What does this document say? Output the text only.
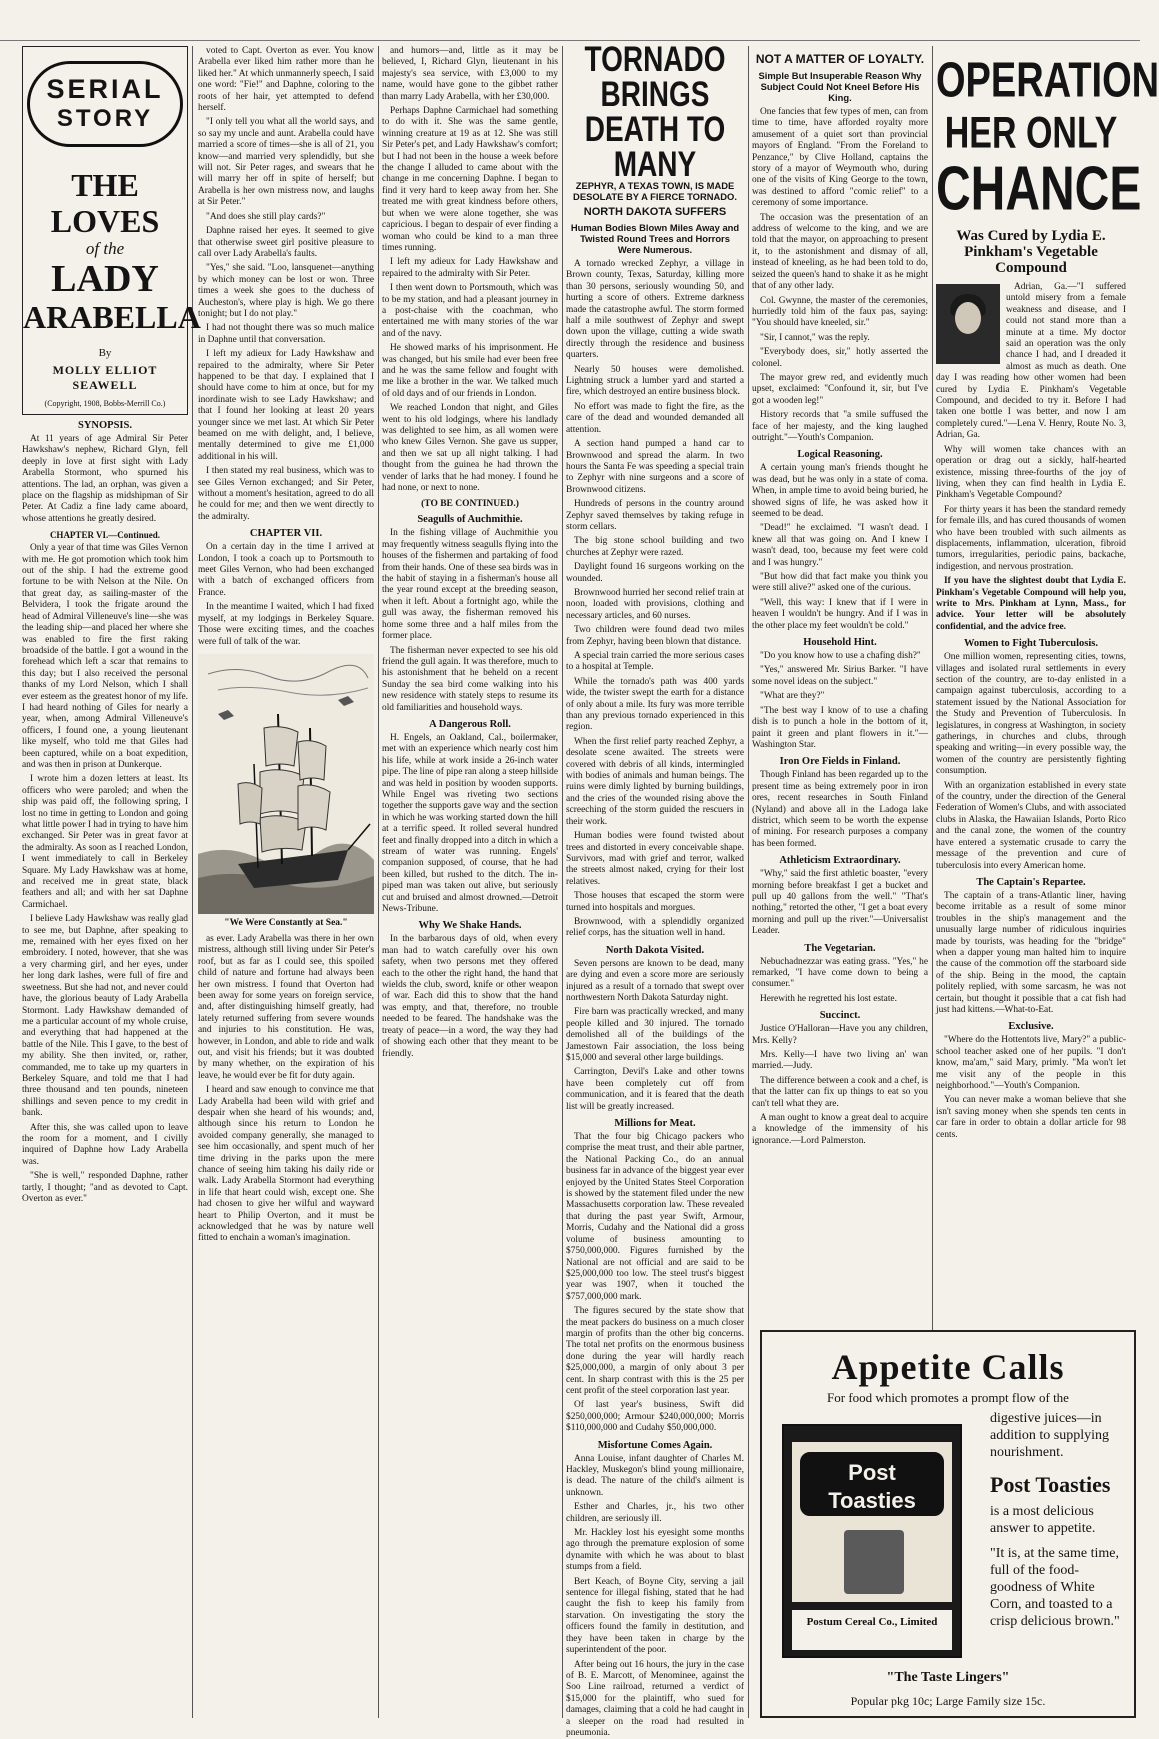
SERIAL
STORY
THE LOVES
of the
LADY
ARABELLA
By
MOLLY ELLIOT SEAWELL
(Copyright, 1908, Bobbs-Merrill Co.)
SYNOPSIS.

At 11 years of age Admiral Sir Peter Hawkshaw's nephew, Richard Glyn, fell deeply in love at first sight with Lady Arabella Stormont, who spurned his attentions. The lad, an orphan, was given a place on the flagship as midshipman of Sir Peter. At Cadiz a fine lady came aboard, whose attentions he greatly desired.

CHAPTER VI.—Continued.

Only a year of that time was Giles Vernon with me. He got promotion which took him out of the ship. I had the extreme good fortune to be with Nelson at the Nile. On that great day, as sailing-master of the Belvidera, I took the frigate around the head of Admiral Villeneuve's line—she was the leading ship—and placed her where she was enabled to fire the first raking broadside of the battle. I got a wound in the forehead which left a scar that remains to this day; but I also received the personal thanks of my Lord Nelson, which I shall ever esteem as the greatest honor of my life. I had heard nothing of Giles for nearly a year, when, among Admiral Villeneuve's officers, I found one, a young lieutenant like myself, who told me that Giles had been captured, while on a boat expedition, and was then in prison at Dunkerque.

I wrote him a dozen letters at least. Its officers who were paroled; and when the ship was paid off, the following spring, I lost no time in getting to London and going what little power I had in trying to have him exchanged. Sir Peter was in great favor at the admiralty. As soon as I reached London, I went immediately to call in Berkeley Square. My Lady Hawkshaw was at home, and received me in great state, black feathers and all; and with her sat Daphne Carmichael.

I believe Lady Hawkshaw was really glad to see me, but Daphne, after speaking to me, remained with her eyes fixed on her embroidery. I noted, however, that she was a very charming girl, and her eyes, under her long dark lashes, were full of fire and sweetness. But she had not, and never could have, the glorious beauty of Lady Arabella Stormont. Lady Hawkshaw demanded of me a particular account of my whole cruise, and everything that had happened at the battle of the Nile. This I gave, to the best of my ability. She then invited, or, rather, commanded, me to take up my quarters in Berkeley Square, and told me that I had three thousand and ten pounds, nineteen shillings and seven pence to my credit in bank.

After this, she was called upon to leave the room for a moment, and I civilly inquired of Daphne how Lady Arabella was.

"She is well," responded Daphne, rather tartly, I thought; "and as devoted to Capt. Overton as ever."

voted to Capt. Overton as ever. You know Arabella ever liked him rather more than he liked her." At which unmannerly speech, I said one word: "Fie!" and Daphne, coloring to the roots of her hair, yet attempted to defend herself.

"I only tell you what all the world says, and so say my uncle and aunt. Arabella could have married a score of times—she is all of 21, you know—and married very splendidly, but she will not. Sir Peter rages, and swears that he will marry her off in spite of herself; but Arabella is her own mistress now, and laughs at Sir Peter."

"And does she still play cards?"

Daphne raised her eyes. It seemed to give that otherwise sweet girl positive pleasure to call over Lady Arabella's faults.

"Yes," she said. "Loo, lansquenet—anything by which money can be lost or won. Three times a week she goes to the duchess of Aucheston's, where play is high. We go there tonight; but I do not play."

I had not thought there was so much malice in Daphne until that conversation.

I left my adieux for Lady Hawkshaw and repaired to the admiralty, where Sir Peter happened to be that day. I explained that I should have come to him at once, but for my inordinate wish to see Lady Hawkshaw; and that I found her looking at least 20 years younger since we met last. At which Sir Peter beamed on me with delight, and, I believe, mentally determined to give me £1,000 additional in his will.

I then stated my real business, which was to see Giles Vernon exchanged; and Sir Peter, without a moment's hesitation, agreed to do all he could for me; and then we went directly to the admiralty.

CHAPTER VII.

On a certain day in the time I arrived at London, I took a coach up to Portsmouth to meet Giles Vernon, who had been exchanged with a batch of exchanged officers from France.

In the meantime I waited, which I had fixed myself, at my lodgings in Berkeley Square. Those were exciting times, and the coaches were full of talk of the war.

"We Were Constantly at Sea."

as ever. Lady Arabella was there in her own mistress, although still living under Sir Peter's roof, but as far as I could see, this spoiled child of nature and fortune had always been her own mistress. I found that Overton had been away for some years on foreign service, and, after distinguishing himself greatly, had lately returned suffering from severe wounds and injuries to his constitution. He was, however, in London, and able to ride and walk out, and visit his friends; but it was doubted by many whether, on the expiration of his leave, he would ever be fit for duty again.

I heard and saw enough to convince me that Lady Arabella had been wild with grief and despair when she heard of his wounds; and, although since his return to London he avoided company generally, she managed to see him occasionally, and spent much of her time driving in the parks upon the mere chance of seeing him taking his daily ride or walk. Lady Arabella Stormont had everything in life that heart could wish, except one. She had chosen to give her wilful and wayward heart to Philip Overton, and it must be acknowledged that he was by nature well fitted to enchain a woman's imagination.

and humors—and, little as it may be believed, I, Richard Glyn, lieutenant in his majesty's sea service, with £3,000 to my name, would have gone to the gibbet rather than marry Lady Arabella, with her £30,000.

Perhaps Daphne Carmichael had something to do with it. She was the same gentle, winning creature at 19 as at 12. She was still Sir Peter's pet, and Lady Hawkshaw's comfort; but I had not been in the house a week before the change I alluded to came about with the change in me concerning Daphne. I began to find it very hard to keep away from her. She treated me with great kindness before others, but when we were alone together, she was capricious. I began to despair of ever finding a woman who could be kind to a man three times running.

I left my adieux for Lady Hawkshaw and repaired to the admiralty with Sir Peter.

I then went down to Portsmouth, which was to be my station, and had a pleasant journey in a post-chaise with the coachman, who entertained me with many stories of the war and of the navy.

He showed marks of his imprisonment. He was changed, but his smile had ever been free and he was the same fellow and fought with me like a brother in the war. We talked much of old days and of our friends in London.

We reached London that night, and Giles went to his old lodgings, where his landlady was delighted to see him, as all women were who knew Giles Vernon. She gave us supper, and then we sat up all night talking. I had thought from the guinea he had thrown the vender of larks that he had money. I found he had none, or next to none.

(TO BE CONTINUED.)
Seagulls of Auchmithie.

In the fishing village of Auchmithie you may frequently witness seagulls flying into the houses of the fishermen and partaking of food from their hands. One of these sea birds was in the habit of staying in a fisherman's house all the year round except at the breeding season, when it left. About a fortnight ago, while the gull was away, the fisherman removed his home some three and a half miles from the former place.

The fisherman never expected to see his old friend the gull again. It was therefore, much to his astonishment that he beheld on a recent Sunday the sea bird come walking into his new residence with stately steps to resume its old familiarities and household ways.

A Dangerous Roll.

H. Engels, an Oakland, Cal., boilermaker, met with an experience which nearly cost him his life, while at work inside a 26-inch water pipe. The line of pipe ran along a steep hillside and was held in position by wooden supports. While Engel was riveting two sections together the supports gave way and the section in which he was working started down the hill at a terrific speed. It rolled several hundred feet and finally dropped into a ditch in which a stream of water was running. Engels' companion supposed, of course, that he had been killed, but rushed to the ditch. The in-piped man was taken out alive, but seriously cut and bruised and almost drowned.—Detroit News-Tribune.

Why We Shake Hands.

In the barbarous days of old, when every man had to watch carefully over his own safety, when two persons met they offered each to the other the right hand, the hand that wields the club, sword, knife or other weapon of war. Each did this to show that the hand was empty, and that, therefore, no trouble needed to be feared. The handshake was the treaty of peace—in a word, the way they had of showing each other that they meant to be friendly.

TORNADO BRINGS
DEATH TO MANY
ZEPHYR, A TEXAS TOWN, IS MADE DESOLATE BY A FIERCE TORNADO.
NORTH DAKOTA SUFFERS
Human Bodies Blown Miles Away and Twisted Round Trees and Horrors Were Numerous.

A tornado wrecked Zephyr, a village in Brown county, Texas, Saturday, killing more than 30 persons, seriously wounding 50, and hurting a score of others. Extreme darkness made the catastrophe awful. The storm formed half a mile southwest of Zephyr and swept down upon the village, cutting a wide swath directly through the residence and business quarters.

Nearly 50 houses were demolished. Lightning struck a lumber yard and started a fire, which destroyed an entire business block.

No effort was made to fight the fire, as the care of the dead and wounded demanded all attention.

A section hand pumped a hand car to Brownwood and spread the alarm. In two hours the Santa Fe was speeding a special train to Zephyr with nine surgeons and a score of Brownwood citizens.

Hundreds of persons in the country around Zephyr saved themselves by taking refuge in storm cellars.

The big stone school building and two churches at Zephyr were razed.

Daylight found 16 surgeons working on the wounded.

Brownwood hurried her second relief train at noon, loaded with provisions, clothing and necessary articles, and 60 nurses.

Two children were found dead two miles from Zephyr, having been blown that distance.

A special train carried the more serious cases to a hospital at Temple.

While the tornado's path was 400 yards wide, the twister swept the earth for a distance of only about a mile. Its fury was more terrible than any previous tornado experienced in this region.

When the first relief party reached Zephyr, a desolate scene awaited. The streets were covered with debris of all kinds, intermingled with bodies of animals and human beings. The ruins were dimly lighted by burning buildings, and the cries of the wounded rising above the screeching of the storm guided the rescuers in their work.

Human bodies were found twisted about trees and distorted in every conceivable shape. Survivors, mad with grief and terror, walked the streets almost naked, crying for their lost relatives.

Those houses that escaped the storm were turned into hospitals and morgues.

Brownwood, with a splendidly organized relief corps, has the situation well in hand.

North Dakota Visited.

Seven persons are known to be dead, many are dying and even a score more are seriously injured as a result of a tornado that swept over northwestern North Dakota Saturday night.

Fire barn was practically wrecked, and many people killed and 30 injured. The tornado demolished all of the buildings of the Jamestown Fair association, the loss being $15,000 and several other large buildings.

Carrington, Devil's Lake and other towns have been completely cut off from communication, and it is feared that the death list will be greatly increased.

Millions for Meat.

That the four big Chicago packers who comprise the meat trust, and their able partner, the National Packing Co., do an annual business far in advance of the biggest year ever enjoyed by the United States Steel Corporation is showed by the statement filed under the new Massachusetts corporation law. These revealed that during the past year Swift, Armour, Morris, Cudahy and the National did a gross volume of business amounting to $750,000,000. Figures furnished by the National are not official and are said to be $25,000,000 too low. The steel trust's biggest year was 1907, when it touched the $757,000,000 mark.

The figures secured by the state show that the meat packers do business on a much closer margin of profits than the other big concerns. The total net profits on the enormous business done during the year will hardly reach $25,000,000, a margin of only about 3 per cent. In sharp contrast with this is the 25 per cent profit of the steel corporation last year.

Of last year's business, Swift did $250,000,000; Armour $240,000,000; Morris $110,000,000 and Cudahy $50,000,000.

Misfortune Comes Again.

Anna Louise, infant daughter of Charles M. Hackley, Muskegon's blind young millionaire, is dead. The nature of the child's ailment is unknown.

Esther and Charles, jr., his two other children, are seriously ill.

Mr. Hackley lost his eyesight some months ago through the premature explosion of some dynamite with which he was about to blast stumps from a field.

Bert Keach, of Boyne City, serving a jail sentence for illegal fishing, stated that he had caught the fish to keep his family from starvation. On investigating the story the officers found the family in destitution, and they have been taken in charge by the superintendent of the poor.

After being out 16 hours, the jury in the case of B. E. Marcott, of Menominee, against the Soo Line railroad, returned a verdict of $15,000 for the plaintiff, who sued for damages, claiming that a cold he had caught in a sleeper on the road had resulted in pneumonia.

NOT A MATTER OF LOYALTY.
Simple But Insuperable Reason Why Subject Could Not Kneel Before His King.

One fancies that few types of men, can from time to time, have afforded royalty more amusement of a quiet sort than provincial mayors of England. "From the Foreland to Penzance," by Clive Holland, captains the story of a mayor of Weymouth who, during one of the visits of King George to the town, was destined to afford "comic relief" to a ceremony of some importance.

The occasion was the presentation of an address of welcome to the king, and we are told that the mayor, on approaching to present it, to the astonishment and dismay of all, instead of kneeling, as he had been told to do, seized the queen's hand to shake it as he might that of any other lady.

Col. Gwynne, the master of the ceremonies, hurriedly told him of the faux pas, saying: "You should have kneeled, sir."

"Sir, I cannot," was the reply.

"Everybody does, sir," hotly asserted the colonel.

The mayor grew red, and evidently much upset, exclaimed: "Confound it, sir, but I've got a wooden leg!"

History records that "a smile suffused the face of her majesty, and the king laughed outright."—Youth's Companion.

Logical Reasoning.

A certain young man's friends thought he was dead, but he was only in a state of coma. When, in ample time to avoid being buried, he showed signs of life, he was asked how it seemed to be dead.

"Dead!" he exclaimed. "I wasn't dead. I knew all that was going on. And I knew I wasn't dead, too, because my feet were cold and I was hungry."

"But how did that fact make you think you were still alive?" asked one of the curious.

"Well, this way: I knew that if I were in heaven I wouldn't be hungry. And if I was in the other place my feet wouldn't be cold."

Household Hint.

"Do you know how to use a chafing dish?"

"Yes," answered Mr. Sirius Barker. "I have some novel ideas on the subject."

"What are they?"

"The best way I know of to use a chafing dish is to punch a hole in the bottom of it, paint it green and plant flowers in it."—Washington Star.

Iron Ore Fields in Finland.

Though Finland has been regarded up to the present time as being extremely poor in iron ores, recent researches in South Finland (Nyland) and above all in the Ladoga lake district, which seem to be worth the expense of mining. For research purposes a company has been formed.

Athleticism Extraordinary.

"Why," said the first athletic boaster, "every morning before breakfast I get a bucket and pull up 40 gallons from the well." "That's nothing," retorted the other, "I get a boat every morning and pull up the river."—Universalist Leader.

The Vegetarian.

Nebuchadnezzar was eating grass. "Yes," he remarked, "I have come down to being a consumer."

Herewith he regretted his lost estate.

Succinct.

Justice O'Halloran—Have you any children, Mrs. Kelly?

Mrs. Kelly—I have two living an' wan married.—Judy.

The difference between a cook and a chef, is that the latter can fix up things to eat so you can't tell what they are.

A man ought to know a great deal to acquire a knowledge of the immensity of his ignorance.—Lord Palmerston.

OPERATION
HER ONLY
CHANCE
Was Cured by Lydia E. Pinkham's Vegetable Compound

Adrian, Ga.—"I suffered untold misery from a female weakness and disease, and I could not stand more than a minute at a time. My doctor said an operation was the only chance I had, and I dreaded it almost as much as death. One day I was reading how other women had been cured by Lydia E. Pinkham's Vegetable Compound, and decided to try it. Before I had taken one bottle I was better, and now I am completely cured."—Lena V. Henry, Route No. 3, Adrian, Ga.

Why will women take chances with an operation or drag out a sickly, half-hearted existence, missing three-fourths of the joy of living, when they can find health in Lydia E. Pinkham's Vegetable Compound?

For thirty years it has been the standard remedy for female ills, and has cured thousands of women who have been troubled with such ailments as displacements, inflammation, ulceration, fibroid tumors, irregularities, periodic pains, backache, indigestion, and nervous prostration.

If you have the slightest doubt that Lydia E. Pinkham's Vegetable Compound will help you, write to Mrs. Pinkham at Lynn, Mass., for advice. Your letter will be absolutely confidential, and the advice free.

Women to Fight Tuberculosis.

One million women, representing cities, towns, villages and isolated rural settlements in every section of the country, are to-day enlisted in a campaign against tuberculosis, according to a statement issued by the National Association for the Study and Prevention of Tuberculosis. In legislatures, in congress at Washington, in society gatherings, in churches and clubs, through speaking and writing—in every possible way, the women of the country are persistently fighting consumption.

With an organization established in every state of the country, under the direction of the General Federation of Women's Clubs, and with associated clubs in Alaska, the Hawaiian Islands, Porto Rico and the canal zone, the women of the country have entered a systematic crusade to carry the message of the prevention and cure of tuberculosis into every American home.

The Captain's Repartee.

The captain of a trans-Atlantic liner, having become irritable as a result of some minor troubles in the ship's management and the unusually large number of ridiculous inquiries made by tourists, was heading for the "bridge" when a dapper young man halted him to inquire the cause of the commotion off the starboard side of the ship. Being in the mood, the captain politely replied, with some sarcasm, he was not certain, but thought it possible that a cat fish had just had kittens.—What-to-Eat.

Exclusive.

"Where do the Hottentots live, Mary?" a public-school teacher asked one of her pupils. "I don't know, ma'am," said Mary, primly. "Ma won't let me visit any of the people in this neighborhood."—Youth's Companion.

You can never make a woman believe that she isn't saving money when she spends ten cents in car fare in order to obtain a dollar article for 98 cents.

Appetite Calls
For food which promotes a prompt flow of the
digestive juices—in addition to supplying nourishment.
Post Toasties
is a most delicious answer to appetite.
"It is, at the same time, full of the food-goodness of White Corn, and toasted to a crisp delicious brown."
Post Toasties
Postum Cereal Co., Limited
"The Taste Lingers"
Popular pkg 10c; Large Family size 15c.
